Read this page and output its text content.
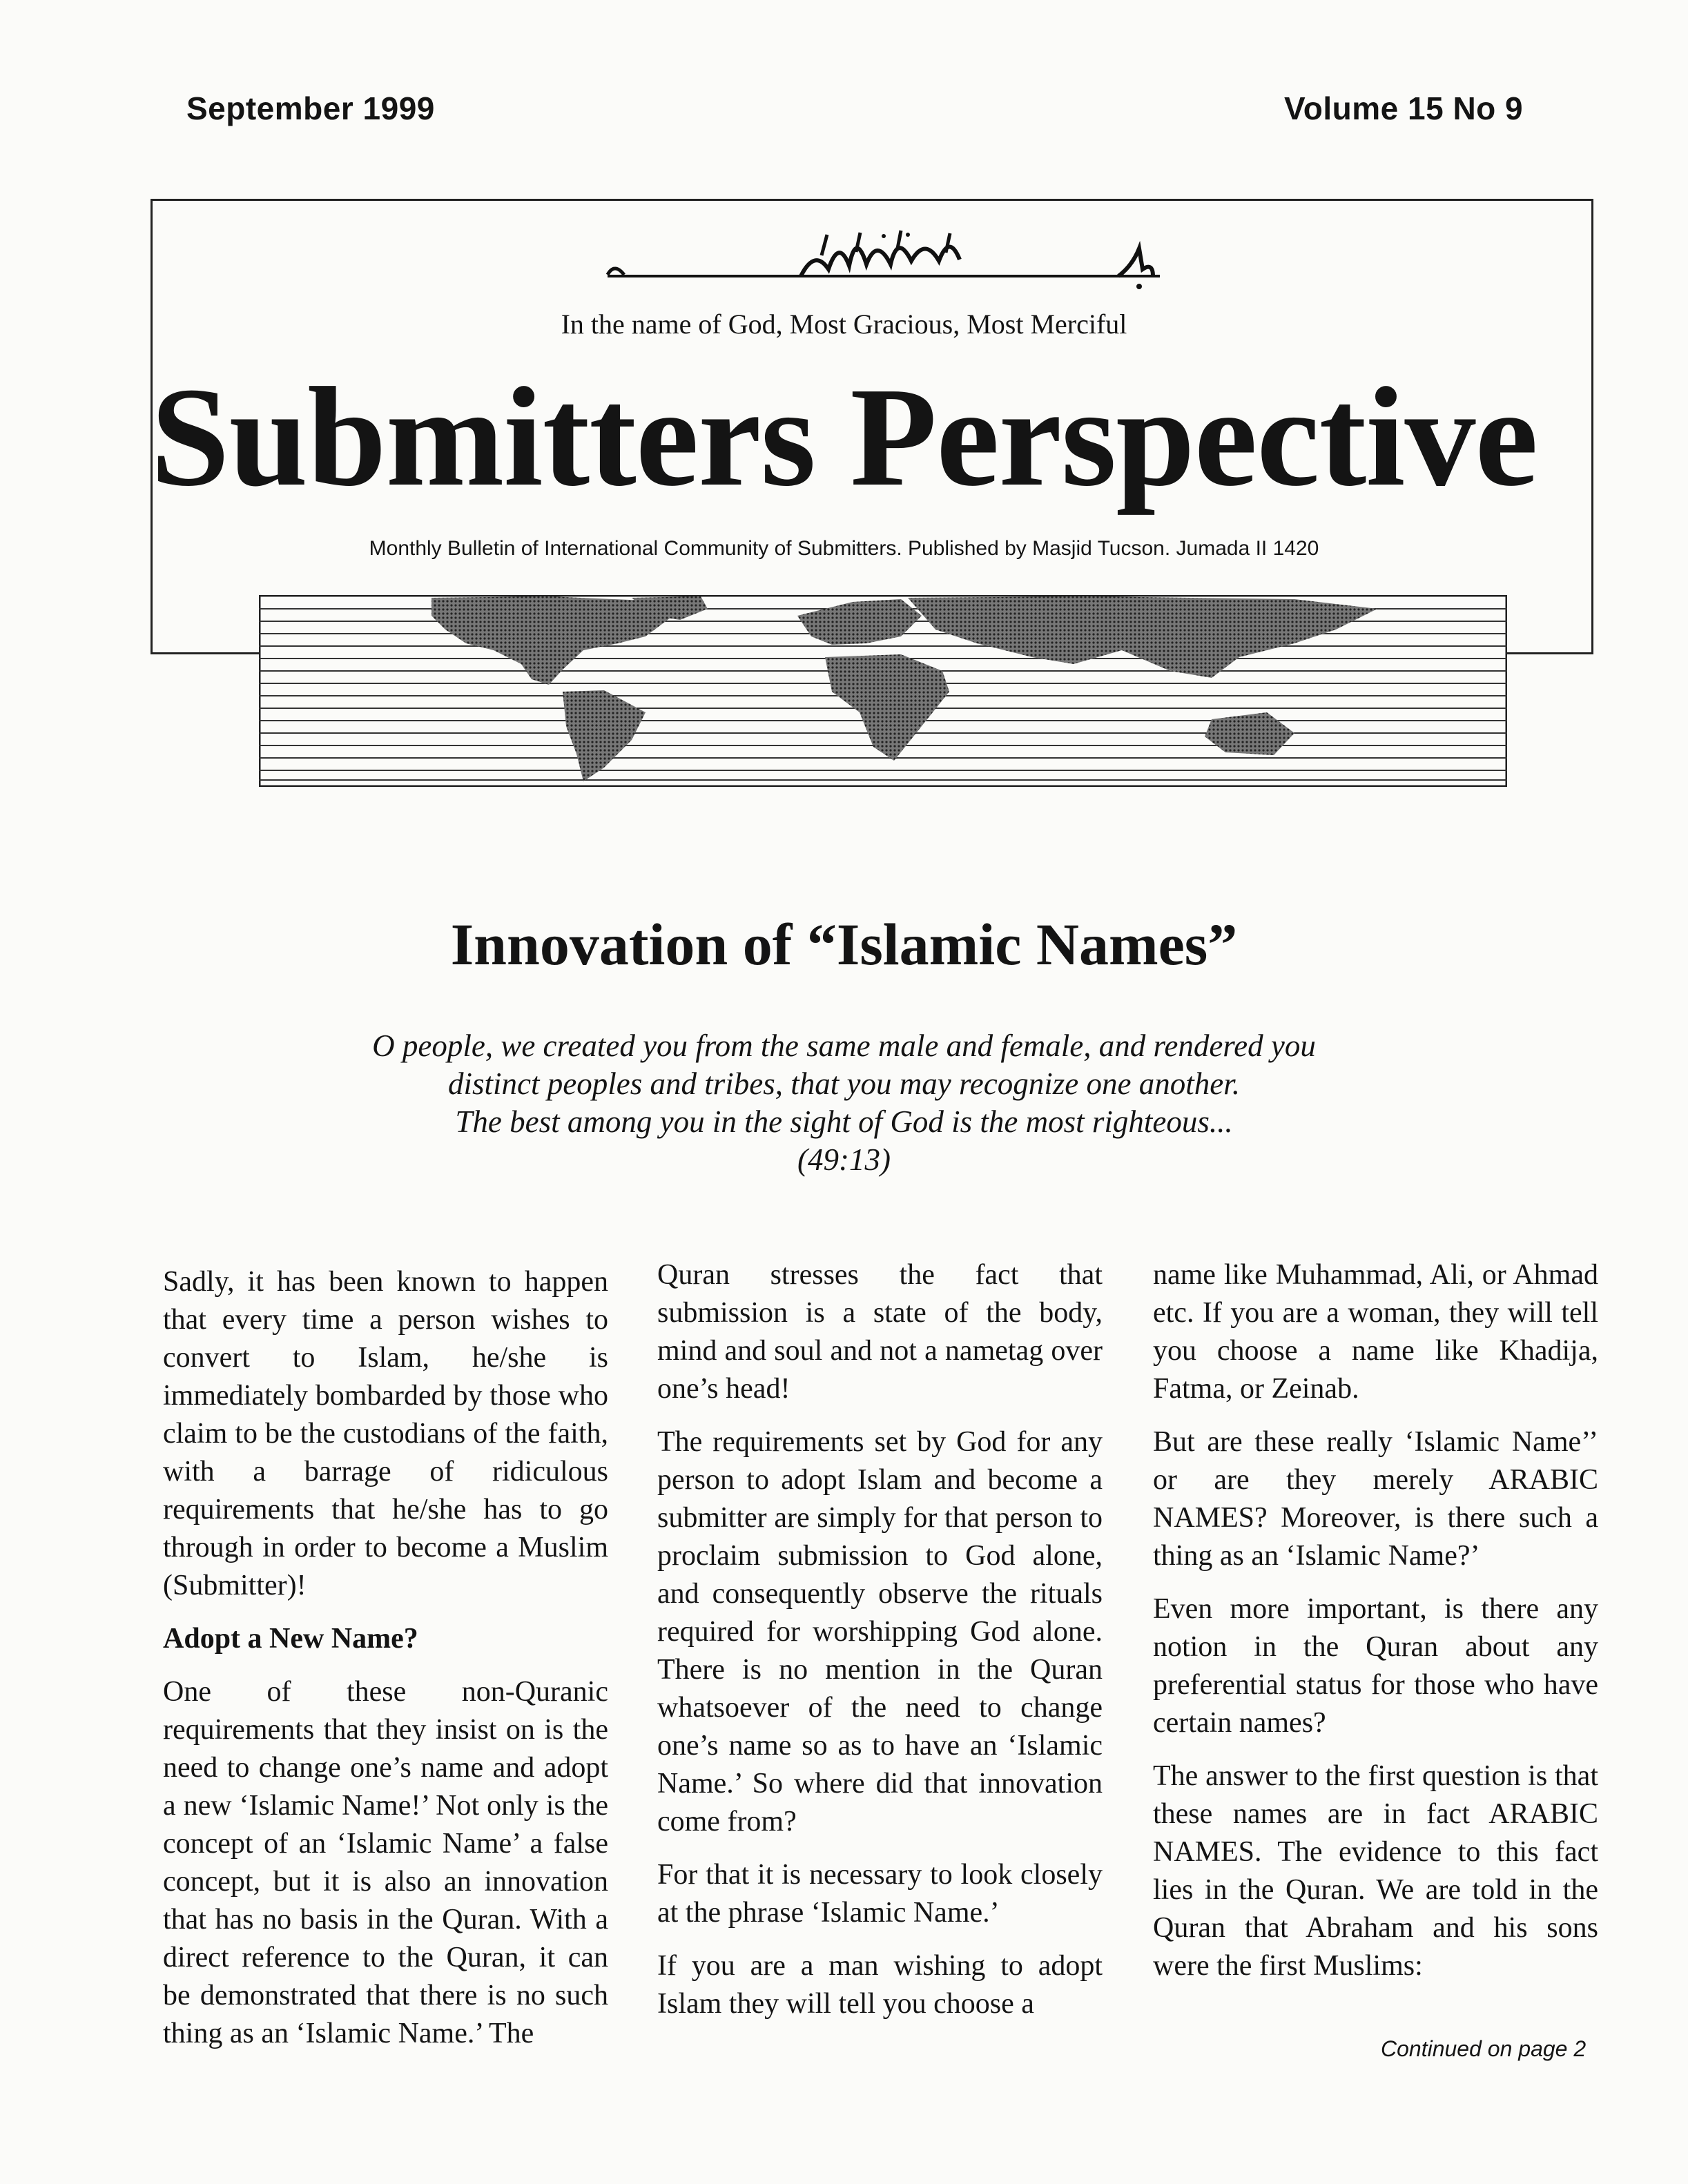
September 1999	Volume 15 No 9
In the name of God, Most Gracious, Most Merciful
Submitters Perspective
Monthly Bulletin of International Community of Submitters. Published by Masjid Tucson. Jumada II 1420
Innovation of “Islamic Names”
O people, we created you from the same male and female, and rendered you
distinct peoples and tribes, that you may recognize one another.
The best among you in the sight of God is the most righteous...
(49:13)

Sadly, it has been known to happen that every time a person wishes to convert to Islam, he/she is immediately bombarded by those who claim to be the custodians of the faith, with a barrage of ridiculous requirements that he/she has to go through in order to become a Muslim (Submitter)!

Adopt a New Name?

One of these non-Quranic requirements that they insist on is the need to change one’s name and adopt a new ‘Islamic Name!’ Not only is the concept of an ‘Islamic Name’ a false concept, but it is also an innovation that has no basis in the Quran. With a direct reference to the Quran, it can be demonstrated that there is no such thing as an ‘Islamic Name.’ The

Quran stresses the fact that submission is a state of the body, mind and soul and not a nametag over one’s head!

The requirements set by God for any person to adopt Islam and become a submitter are simply for that person to proclaim submission to God alone, and consequently observe the rituals required for worshipping God alone. There is no mention in the Quran whatsoever of the need to change one’s name so as to have an ‘Islamic Name.’ So where did that innovation come from?

For that it is necessary to look closely at the phrase ‘Islamic Name.’

If you are a man wishing to adopt Islam they will tell you choose a

name like Muhammad, Ali, or Ahmad etc. If you are a woman, they will tell you choose a name like Khadija, Fatma, or Zeinab.

But are these really ‘Islamic Name’’ or are they merely ARABIC NAMES? Moreover, is there such a thing as an ‘Islamic Name?’

Even more important, is there any notion in the Quran about any preferential status for those who have certain names?

The answer to the first question is that these names are in fact ARABIC NAMES. The evidence to this fact lies in the Quran. We are told in the Quran that Abraham and his sons were the first Muslims:

Continued on page 2
